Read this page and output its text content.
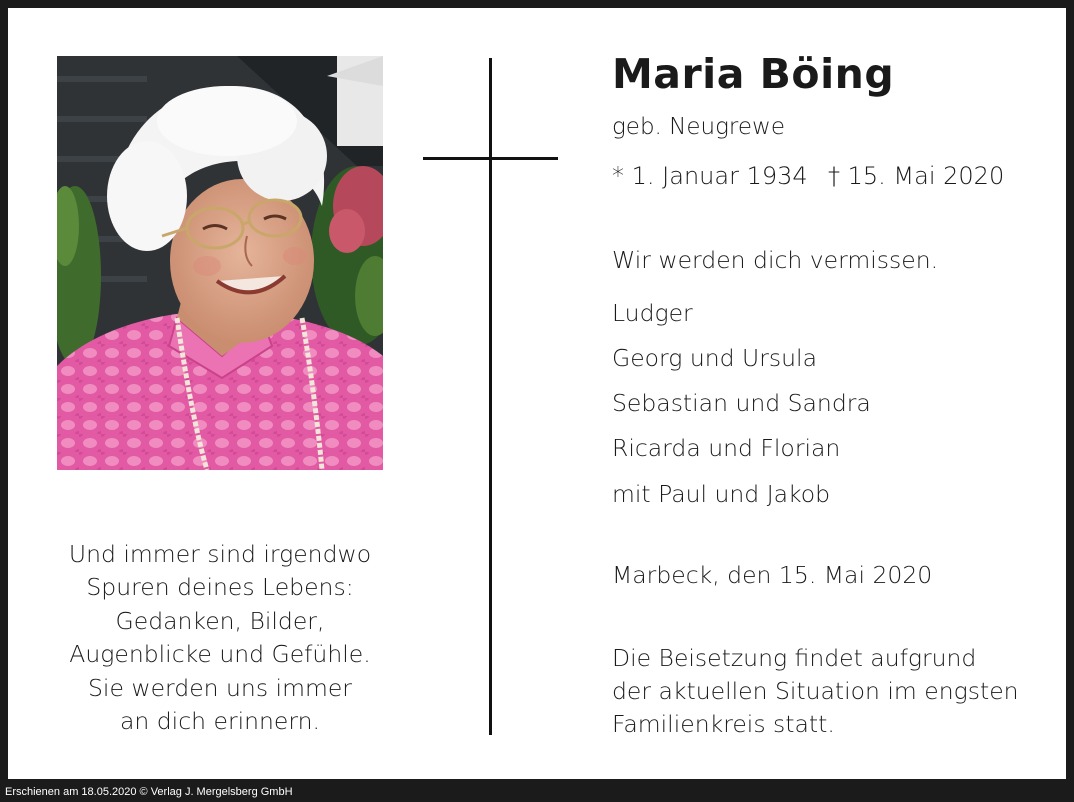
Und immer sind irgendwo
Spuren deines Lebens:
Gedanken, Bilder,
Augenblicke und Gefühle.
Sie werden uns immer
an dich erinnern.
Maria Böing
geb. Neugrewe
* 1. Januar 1934 † 15. Mai 2020
Wir werden dich vermissen.
Ludger
Georg und Ursula
Sebastian und Sandra
Ricarda und Florian
mit Paul und Jakob
Marbeck, den 15. Mai 2020
Die Beisetzung findet aufgrund
der aktuellen Situation im engsten
Familienkreis statt.
Erschienen am 18.05.2020 © Verlag J. Mergelsberg GmbH
